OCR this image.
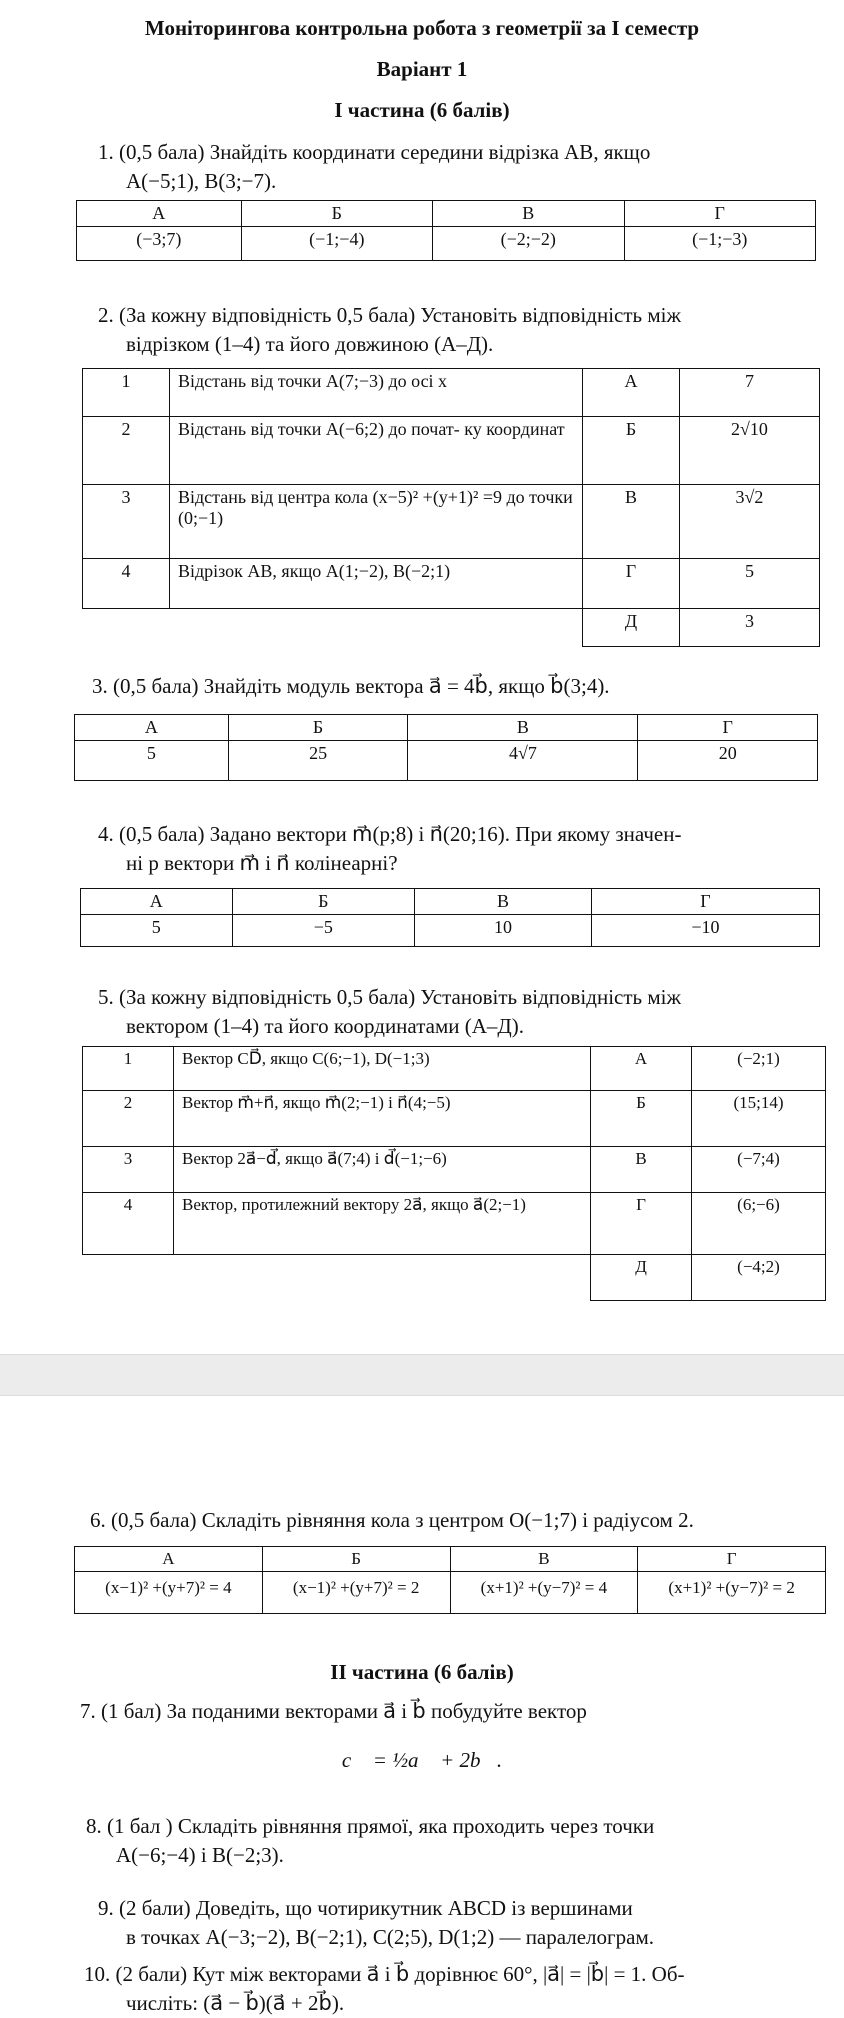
Моніторингова контрольна робота з геометрії за І семестр
Варіант 1
І частина (6 балів)
1. (0,5 бала) Знайдіть координати середини відрізка AB, якщо
A(−5;1), B(3;−7).
А	Б	В	Г
(−3;7)	(−1;−4)	(−2;−2)	(−1;−3)
2. (За кожну відповідність 0,5 бала) Установіть відповідність між
відрізком (1–4) та його довжиною (А–Д).
1	Відстань від точки A(7;−3) до осі x	А	7
2	Відстань від точки A(−6;2) до почат- ку координат	Б	2√10
3	Відстань від центра кола (x−5)² +(y+1)² =9 до точки (0;−1)	В	3√2
4	Відрізок AB, якщо A(1;−2), B(−2;1)	Г	5
		Д	3
3. (0,5 бала) Знайдіть модуль вектора a⃗ = 4b⃗, якщо b⃗(3;4).
А	Б	В	Г
5	25	4√7	20
4. (0,5 бала) Задано вектори m⃗(p;8) і n⃗(20;16). При якому значен-
ні p вектори m⃗ і n⃗ колінеарні?
А	Б	В	Г
5	−5	10	−10
5. (За кожну відповідність 0,5 бала) Установіть відповідність між
вектором (1–4) та його координатами (А–Д).
1	Вектор CD⃗, якщо C(6;−1), D(−1;3)	А	(−2;1)
2	Вектор m⃗+n⃗, якщо m⃗(2;−1) і n⃗(4;−5)	Б	(15;14)
3	Вектор 2a⃗−d⃗, якщо a⃗(7;4) і d⃗(−1;−6)	В	(−7;4)
4	Вектор, протилежний вектору 2a⃗, якщо a⃗(2;−1)	Г	(6;−6)
		Д	(−4;2)
6. (0,5 бала) Складіть рівняння кола з центром O(−1;7) і радіусом 2.
А	Б	В	Г
(x−1)² +(y+7)² = 4	(x−1)² +(y+7)² = 2	(x+1)² +(y−7)² = 4	(x+1)² +(y−7)² = 2
ІІ частина (6 балів)
7. (1 бал) За поданими векторами a⃗ і b⃗ побудуйте вектор
c⃗ = ½a⃗ + 2b⃗.
8. (1 бал ) Складіть рівняння прямої, яка проходить через точки
A(−6;−4) і B(−2;3).
9. (2 бали) Доведіть, що чотирикутник ABCD із вершинами
в точках A(−3;−2), B(−2;1), C(2;5), D(1;2) — паралелограм.
10. (2 бали) Кут між векторами a⃗ і b⃗ дорівнює 60°, |a⃗| = |b⃗| = 1. Об-
числіть: (a⃗ − b⃗)(a⃗ + 2b⃗).
